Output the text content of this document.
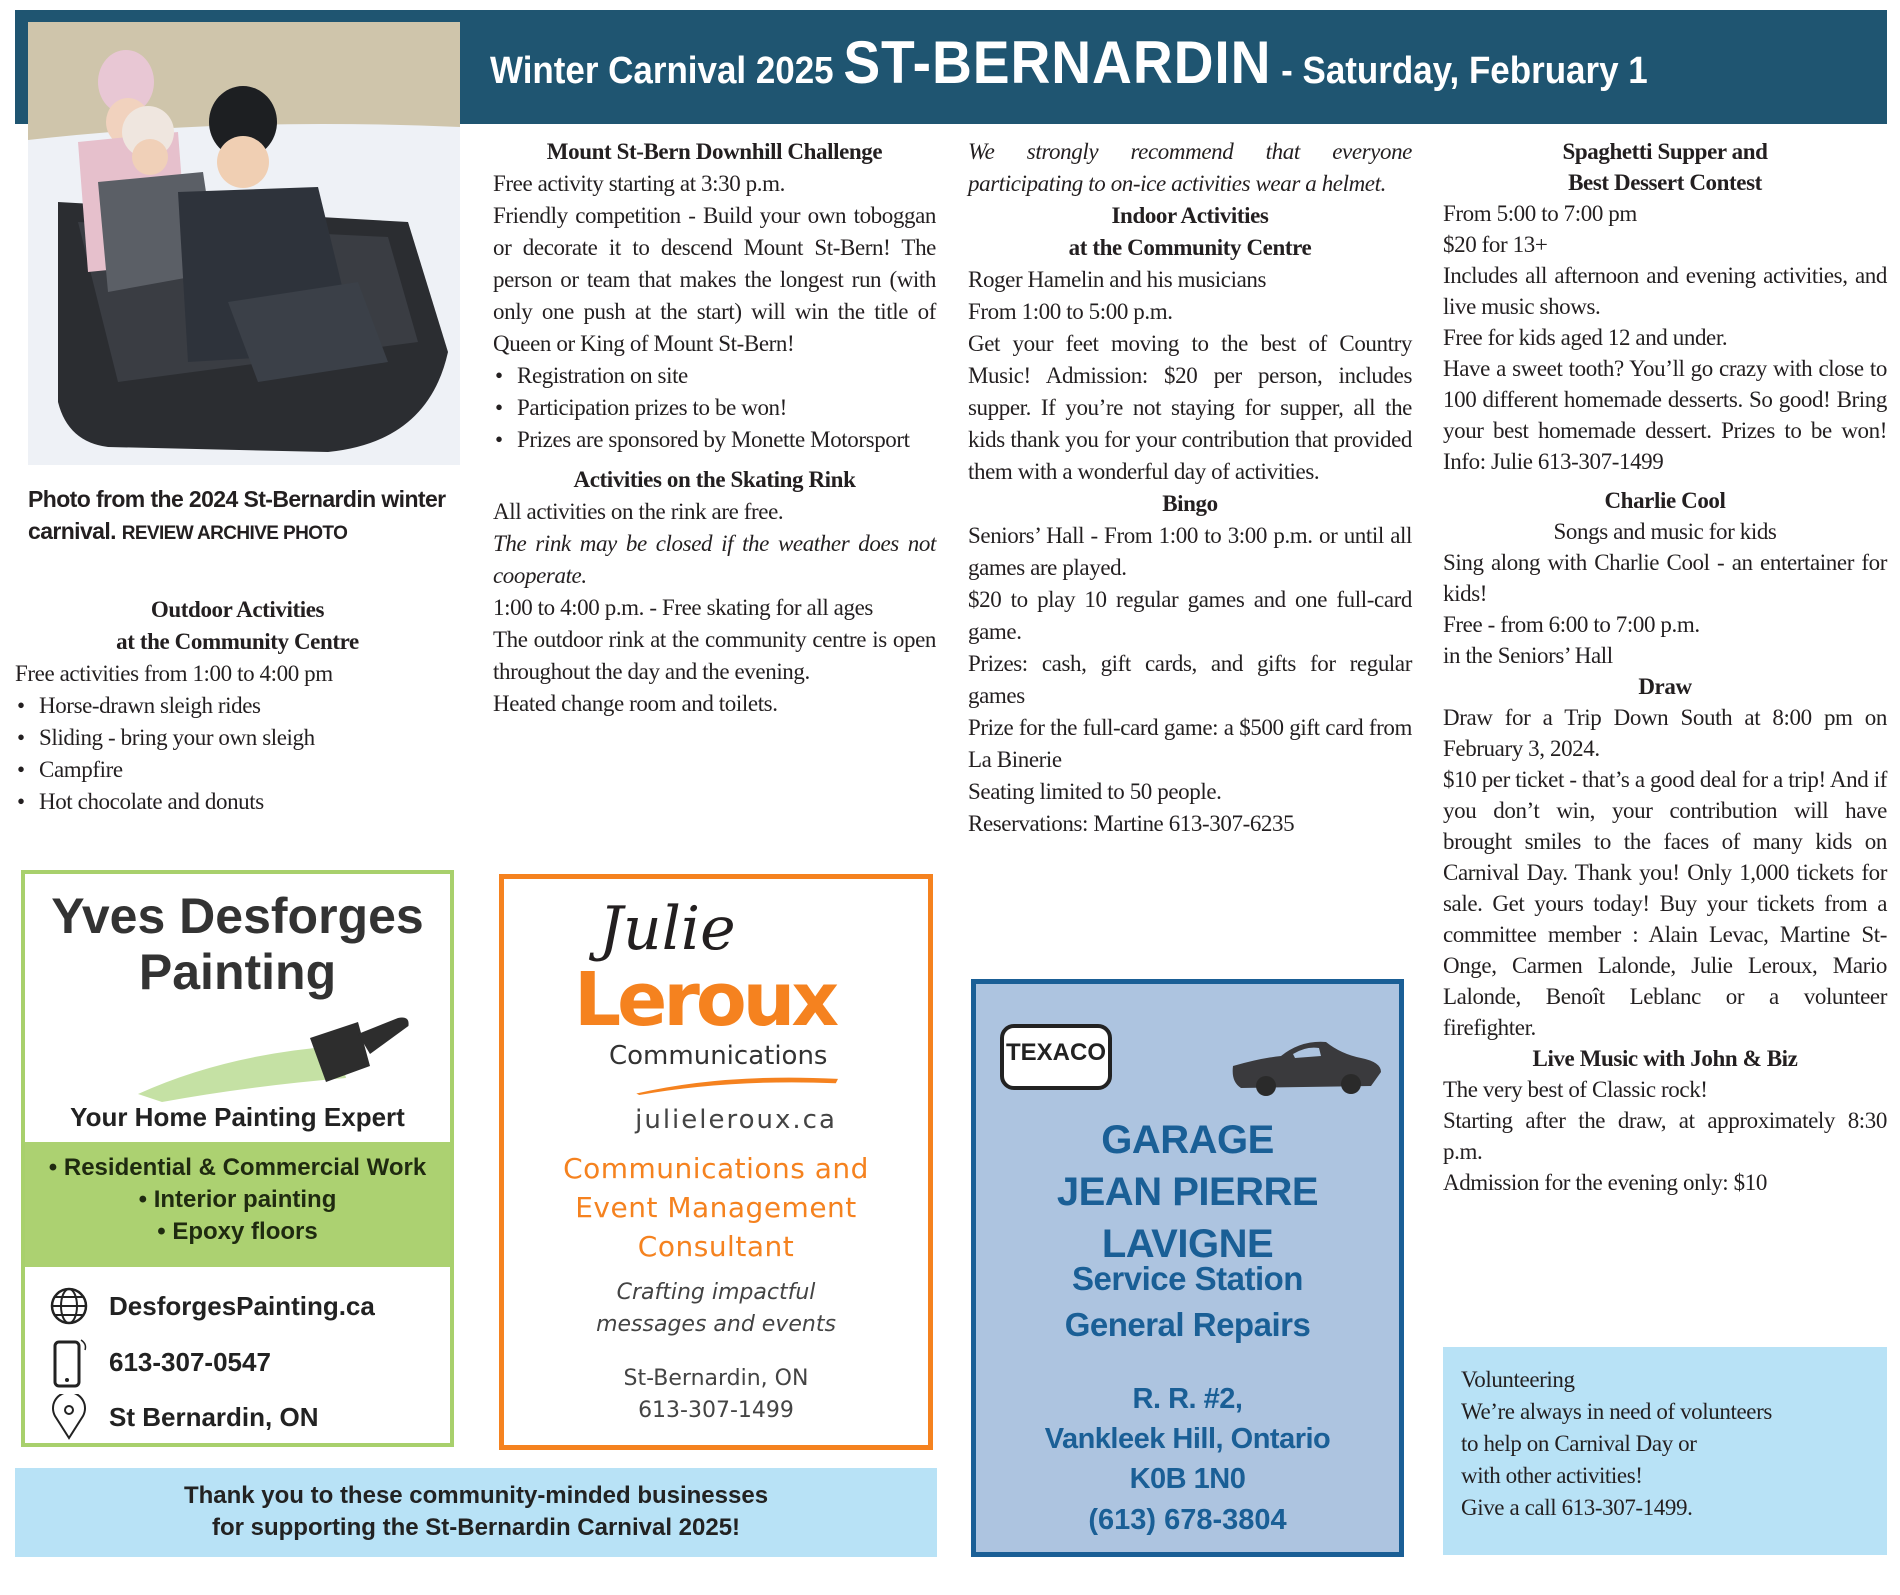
Winter Carnival 2025 ST-BERNARDIN - Saturday, February 1
Photo from the 2024 St-Bernardin winter carnival. REVIEW ARCHIVE PHOTO
Outdoor Activities
at the Community Centre
Free activities from 1:00 to 4:00 pm
• Horse-drawn sleigh rides
• Sliding - bring your own sleigh
• Campfire
• Hot chocolate and donuts
Mount St-Bern Downhill Challenge
Free activity starting at 3:30 p.m.
Friendly competition - Build your own toboggan or decorate it to descend Mount St-Bern! The person or team that makes the longest run (with only one push at the start) will win the title of Queen or King of Mount St-Bern!
• Registration on site
• Participation prizes to be won!
• Prizes are sponsored by Monette Motorsport
Activities on the Skating Rink
All activities on the rink are free.
The rink may be closed if the weather does not cooperate.
1:00 to 4:00 p.m. - Free skating for all ages
The outdoor rink at the community centre is open throughout the day and the evening.
Heated change room and toilets.
We strongly recommend that everyone participating to on-ice activities wear a helmet.
Indoor Activities
at the Community Centre
Roger Hamelin and his musicians
From 1:00 to 5:00 p.m.
Get your feet moving to the best of Country Music! Admission: $20 per person, includes supper. If you’re not staying for supper, all the kids thank you for your contribution that provided them with a wonderful day of activities.
Bingo
Seniors’ Hall - From 1:00 to 3:00 p.m. or until all games are played.
$20 to play 10 regular games and one full-card game.
Prizes: cash, gift cards, and gifts for regular games
Prize for the full-card game: a $500 gift card from La Binerie
Seating limited to 50 people.
Reservations: Martine 613-307-6235
Spaghetti Supper and
Best Dessert Contest
From 5:00 to 7:00 pm
$20 for 13+
Includes all afternoon and evening activities, and live music shows.
Free for kids aged 12 and under.
Have a sweet tooth? You’ll go crazy with close to 100 different homemade desserts. So good! Bring your best homemade dessert. Prizes to be won! Info: Julie 613-307-1499
Charlie Cool
Songs and music for kids
Sing along with Charlie Cool - an entertainer for kids!
Free - from 6:00 to 7:00 p.m.
in the Seniors’ Hall
Draw
Draw for a Trip Down South at 8:00 pm on February 3, 2024.
$10 per ticket - that’s a good deal for a trip! And if you don’t win, your contribution will have brought smiles to the faces of many kids on Carnival Day. Thank you! Only 1,000 tickets for sale. Get yours today! Buy your tickets from a committee member : Alain Levac, Martine St-Onge, Carmen Lalonde, Julie Leroux, Mario Lalonde, Benoît Leblanc or a volunteer firefighter.
Live Music with John & Biz
The very best of Classic rock!
Starting after the draw, at approximately 8:30 p.m.
Admission for the evening only: $10
Yves Desforges
Painting
Your Home Painting Expert
• Residential & Commercial Work
• Interior painting
• Epoxy floors
DesforgesPainting.ca
613-307-0547
St Bernardin, ON
Julie
Leroux
Communications
julieleroux.ca
Communications and
Event Management
Consultant
Crafting impactful
messages and events
St-Bernardin, ON
613-307-1499
Thank you to these community-minded businesses
for supporting the St-Bernardin Carnival 2025!
TEXACO
GARAGE
JEAN PIERRE
LAVIGNE
Service Station
General Repairs
R. R. #2,
Vankleek Hill, Ontario
K0B 1N0
(613) 678-3804
Volunteering
We’re always in need of volunteers
to help on Carnival Day or
with other activities!
Give a call 613-307-1499.
